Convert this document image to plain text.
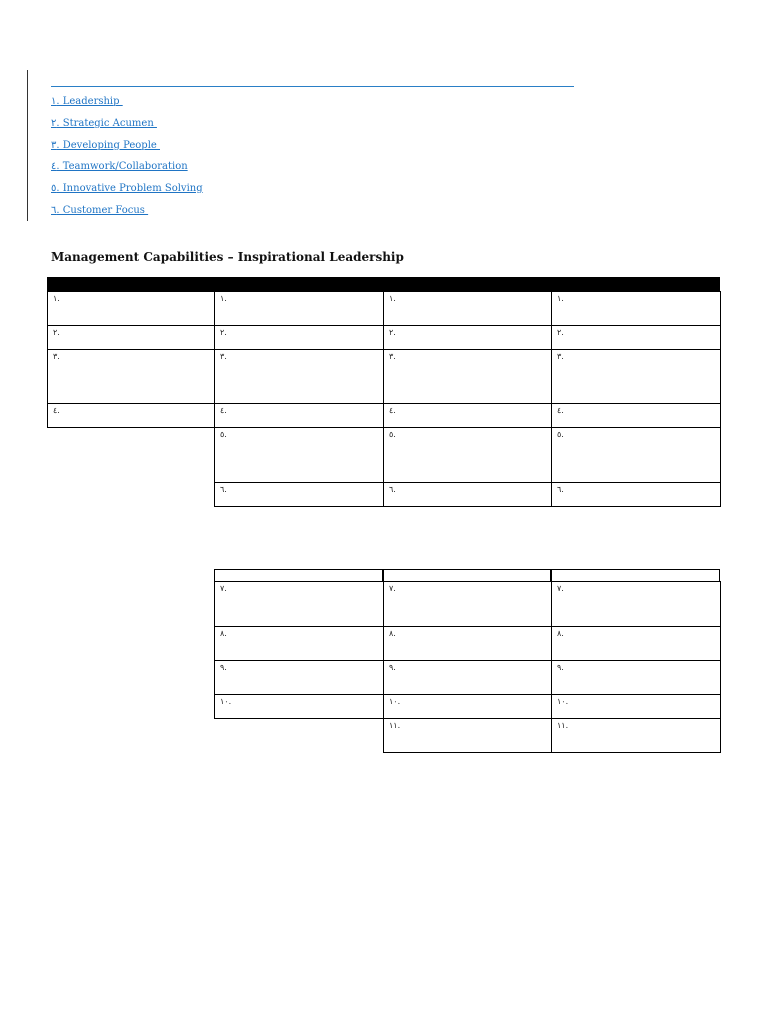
١. Leadership
٢. Strategic Acumen
٣. Developing People
٤. Teamwork/Collaboration
٥. Innovative Problem Solving
٦. Customer Focus
Management Capabilities – Inspirational Leadership
١.
٢.
٣.
٤.
١.
٢.
٣.
٤.
٥.
٦.
١.
٢.
٣.
٤.
٥.
٦.
١.
٢.
٣.
٤.
٥.
٦.
٧.
٨.
٩.
١٠.
٧.
٨.
٩.
١٠.
١١.
٧.
٨.
٩.
١٠.
١١.
